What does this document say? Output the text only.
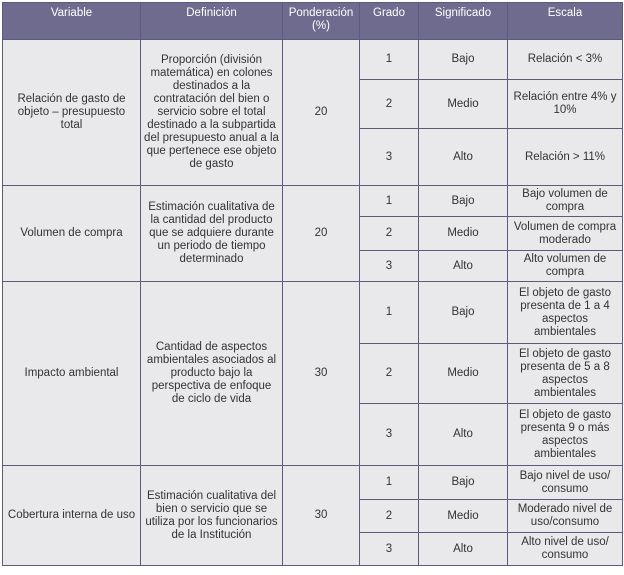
Variable	Definición	Ponderación (%)	Grado	Significado	Escala
Relación de gasto de objeto – presupuesto total	Proporción (división matemática) en colones destinados a la contratación del bien o servicio sobre el total destinado a la subpartida del presupuesto anual a la que pertenece ese objeto de gasto	20	1	Bajo	Relación < 3%
			2	Medio	Relación entre 4% y 10%
			3	Alto	Relación > 11%
Volumen de compra	Estimación cualitativa de la cantidad del producto que se adquiere durante un periodo de tiempo determinado	20	1	Bajo	Bajo volumen de compra
			2	Medio	Volumen de compra moderado
			3	Alto	Alto volumen de compra
Impacto ambiental	Cantidad de aspectos ambientales asociados al producto bajo la perspectiva de enfoque de ciclo de vida	30	1	Bajo	El objeto de gasto presenta de 1 a 4 aspectos ambientales
			2	Medio	El objeto de gasto presenta de 5 a 8 aspectos ambientales
			3	Alto	El objeto de gasto presenta 9 o más aspectos ambientales
Cobertura interna de uso	Estimación cualitativa del bien o servicio que se utiliza por los funcionarios de la Institución	30	1	Bajo	Bajo nivel de uso/ consumo
			2	Medio	Moderado nivel de uso/consumo
			3	Alto	Alto nivel de uso/ consumo
